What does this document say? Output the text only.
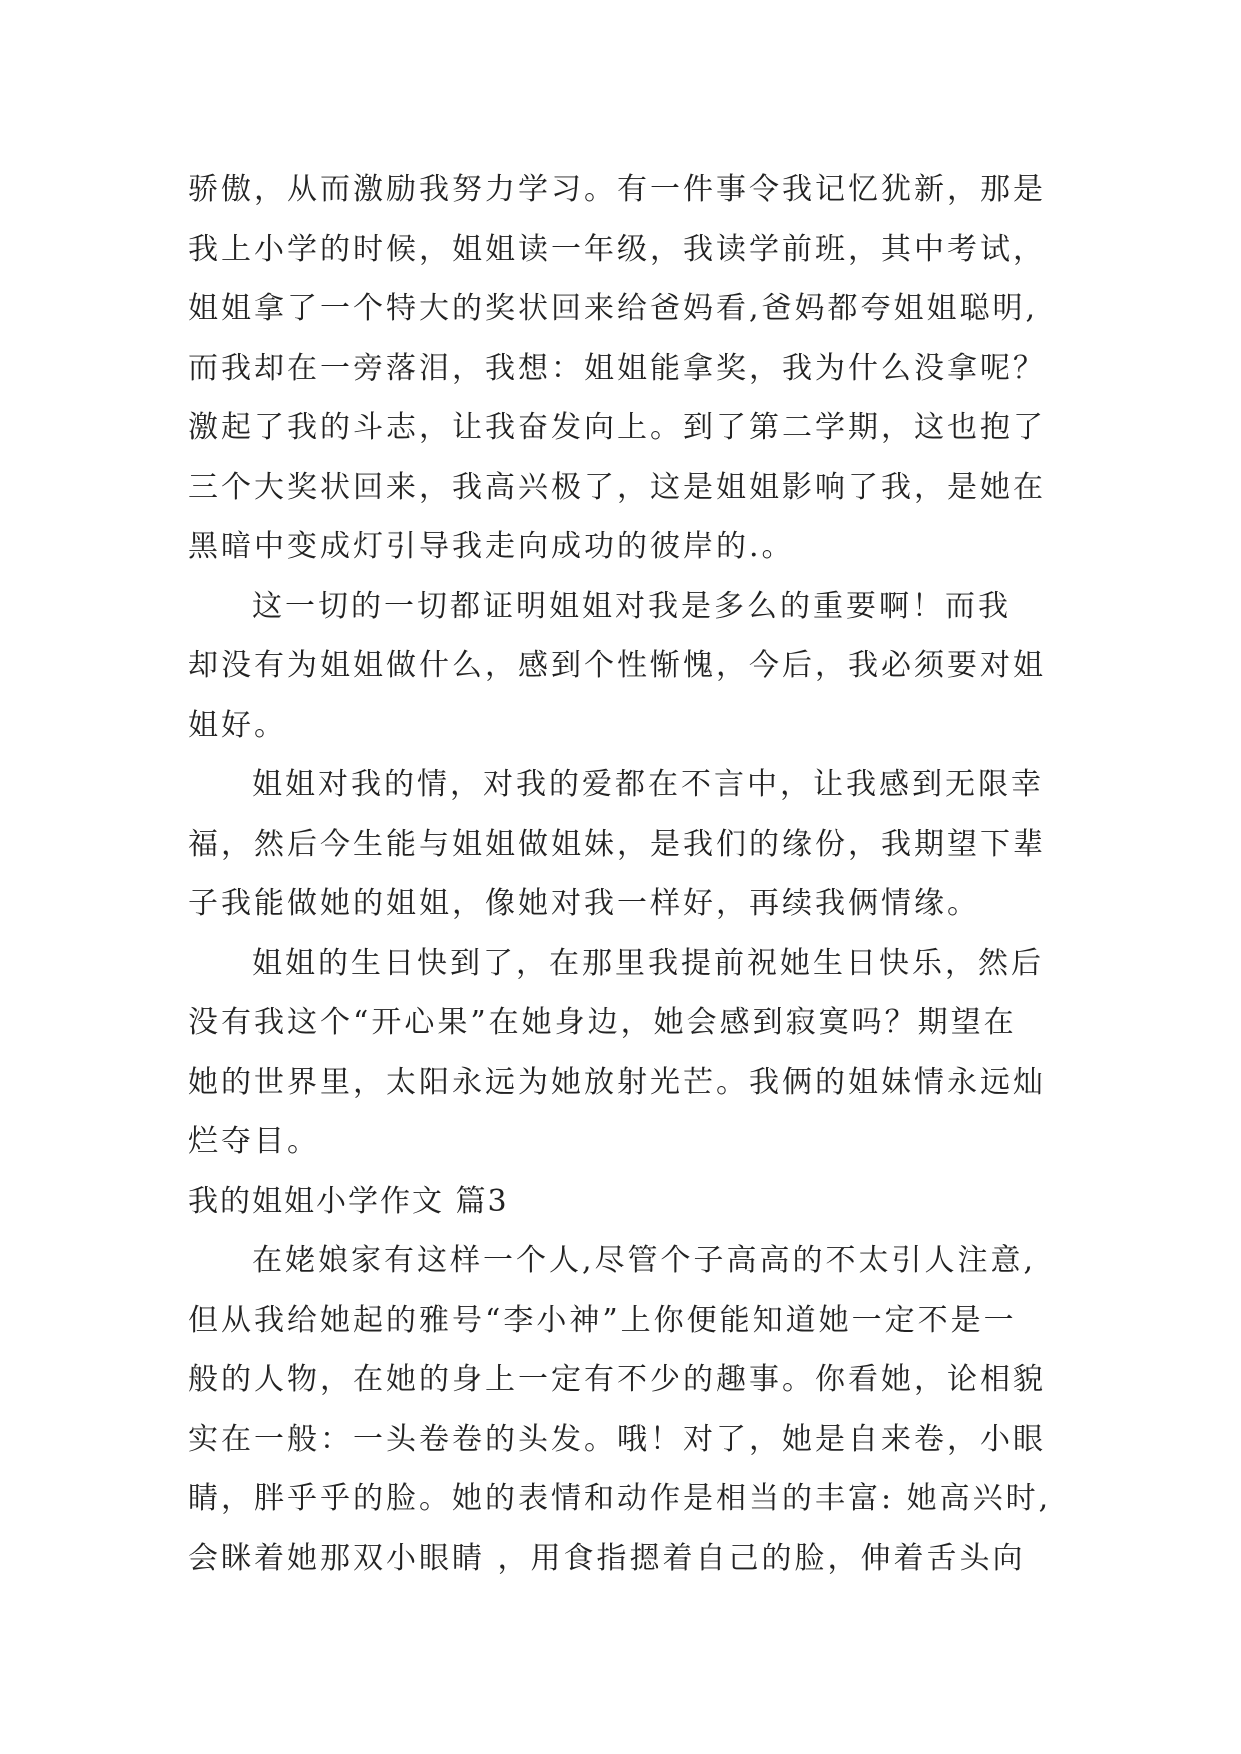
骄傲，从而激励我努力学习。有一件事令我记忆犹新，那是
我上小学的时候，姐姐读一年级，我读学前班，其中考试，
姐姐拿了一个特大的奖状回来给爸妈看,爸妈都夸姐姐聪明,
而我却在一旁落泪，我想：姐姐能拿奖，我为什么没拿呢？
激起了我的斗志，让我奋发向上。到了第二学期，这也抱了
三个大奖状回来，我高兴极了，这是姐姐影响了我，是她在
黑暗中变成灯引导我走向成功的彼岸的.。
这一切的一切都证明姐姐对我是多么的重要啊！而我
却没有为姐姐做什么，感到个性惭愧，今后，我必须要对姐
姐好。
姐姐对我的情，对我的爱都在不言中，让我感到无限幸
福，然后今生能与姐姐做姐妹，是我们的缘份，我期望下辈
子我能做她的姐姐，像她对我一样好，再续我俩情缘。
姐姐的生日快到了，在那里我提前祝她生日快乐，然后
没有我这个“开心果”在她身边，她会感到寂寞吗？期望在
她的世界里，太阳永远为她放射光芒。我俩的姐妹情永远灿
烂夺目。
我的姐姐小学作文 篇3
在姥娘家有这样一个人,尽管个子高高的不太引人注意,
但从我给她起的雅号“李小神”上你便能知道她一定不是一
般的人物，在她的身上一定有不少的趣事。你看她，论相貌
实在一般：一头卷卷的头发。哦！对了，她是自来卷，小眼
睛，胖乎乎的脸。她的表情和动作是相当的丰富: 她高兴时,
会眯着她那双小眼睛 ，用食指摁着自己的脸，伸着舌头向
